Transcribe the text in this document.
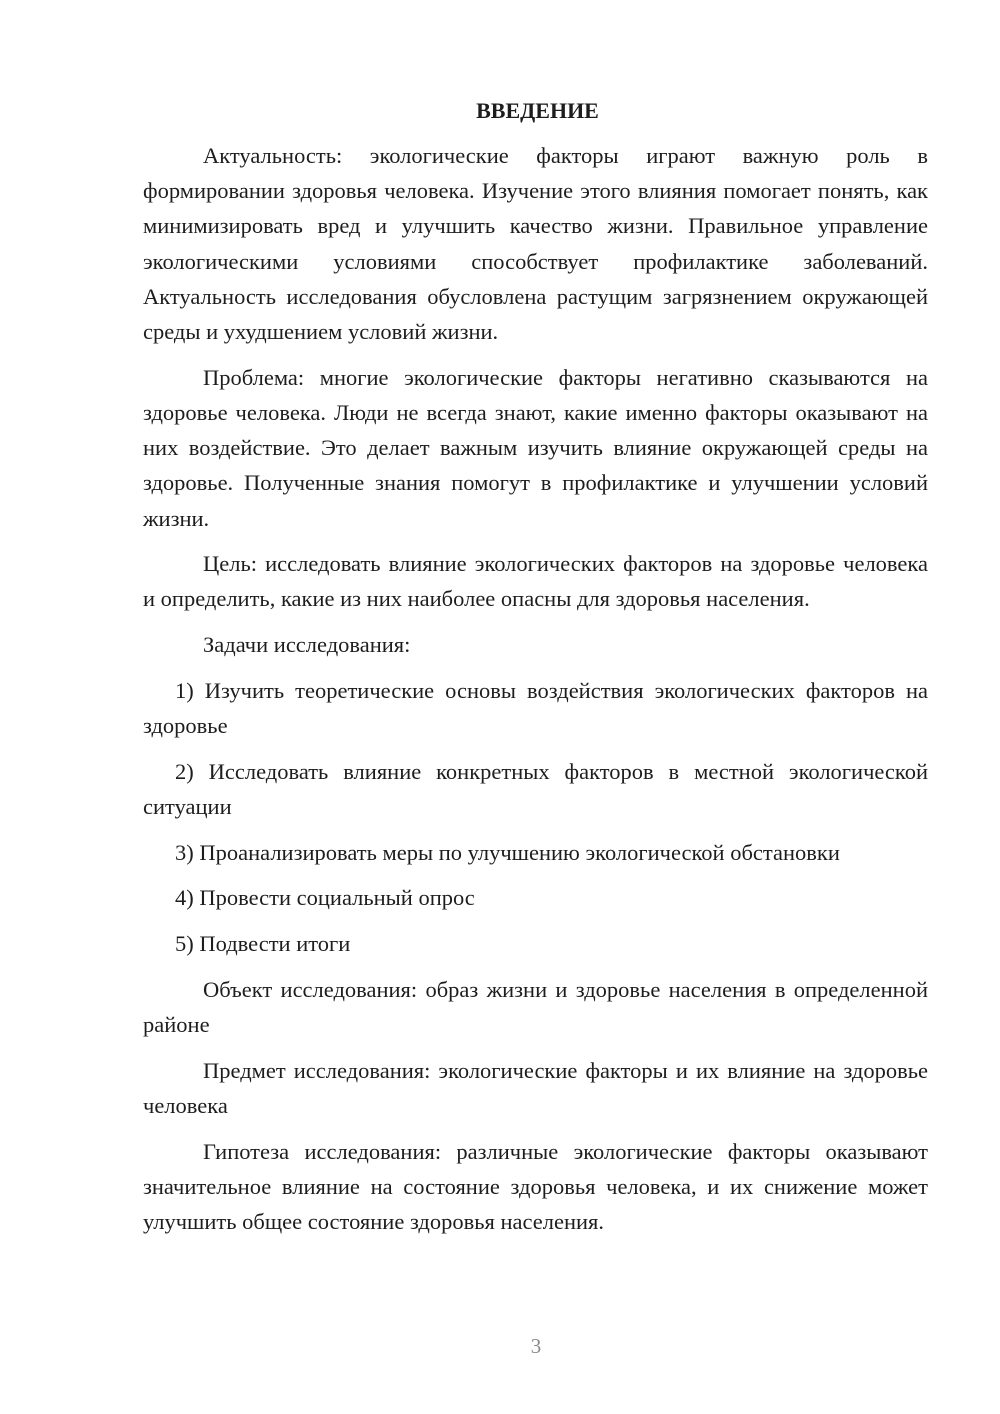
ВВЕДЕНИЕ

Актуальность: экологические факторы играют важную роль в формировании здоровья человека. Изучение этого влияния помогает понять, как минимизировать вред и улучшить качество жизни. Правильное управление экологическими условиями способствует профилактике заболеваний. Актуальность исследования обусловлена растущим загрязнением окружающей среды и ухудшением условий жизни.

Проблема: многие экологические факторы негативно сказываются на здоровье человека. Люди не всегда знают, какие именно факторы оказывают на них воздействие. Это делает важным изучить влияние окружающей среды на здоровье. Полученные знания помогут в профилактике и улучшении условий жизни.

Цель: исследовать влияние экологических факторов на здоровье человека и определить, какие из них наиболее опасны для здоровья населения.

Задачи исследования:

1) Изучить теоретические основы воздействия экологических факторов на здоровье

2) Исследовать влияние конкретных факторов в местной экологической ситуации

3) Проанализировать меры по улучшению экологической обстановки

4) Провести социальный опрос

5) Подвести итоги

Объект исследования: образ жизни и здоровье населения в определенной районе

Предмет исследования: экологические факторы и их влияние на здоровье человека

Гипотеза исследования: различные экологические факторы оказывают значительное влияние на состояние здоровья человека, и их снижение может улучшить общее состояние здоровья населения.

3
